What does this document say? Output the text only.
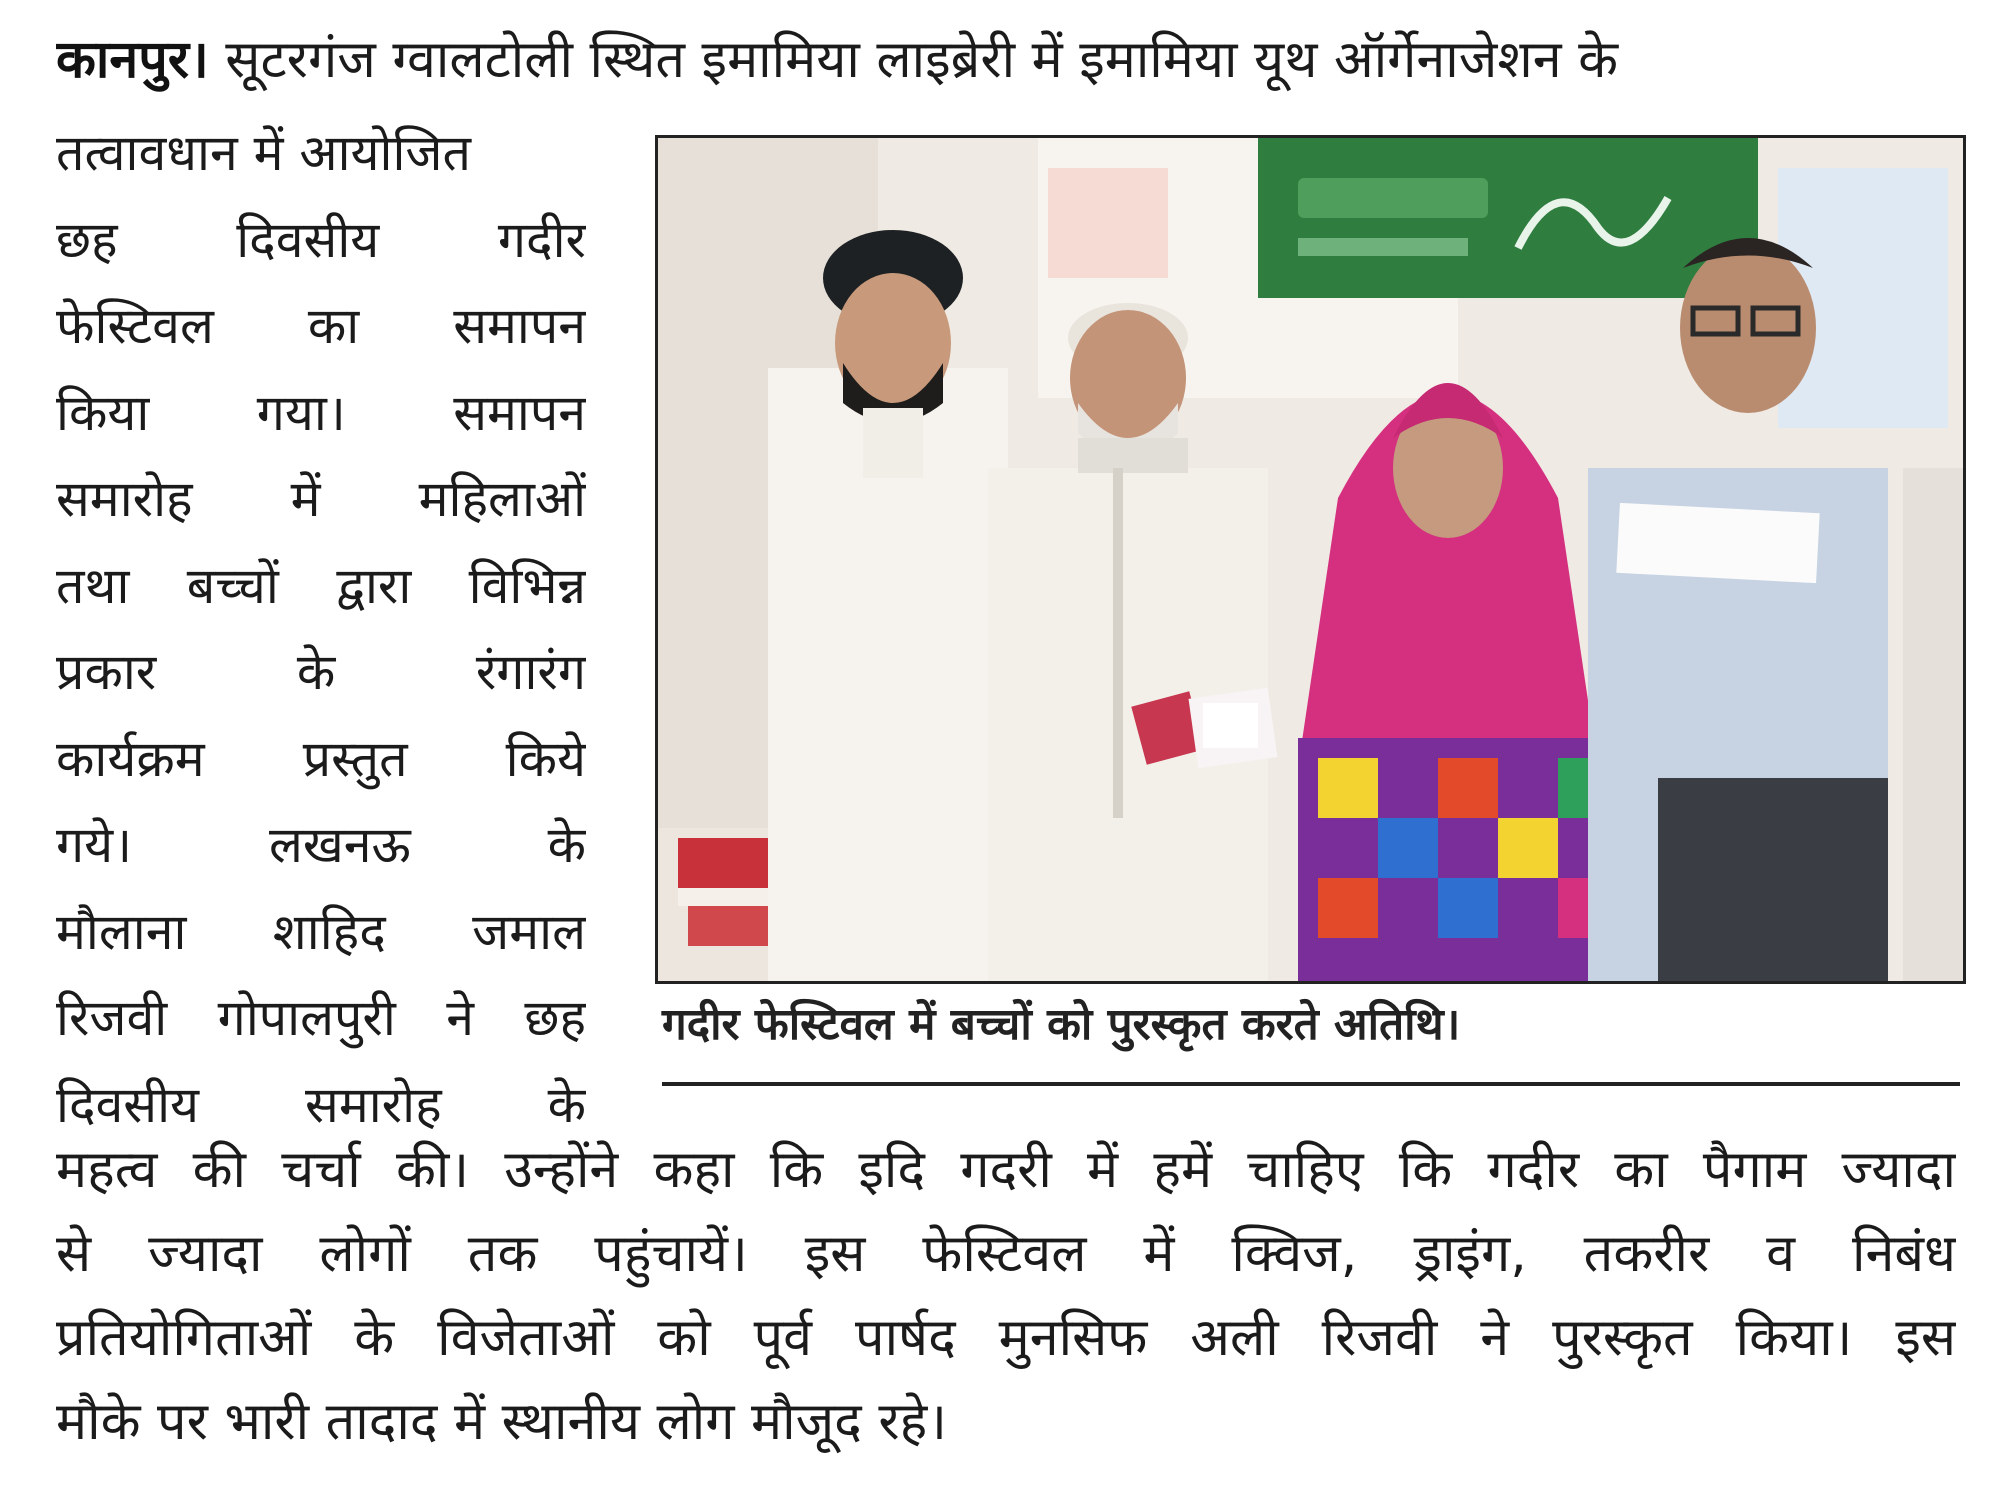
कानपुर। सूटरगंज ग्वालटोली स्थित इमामिया लाइब्रेरी में इमामिया यूथ ऑर्गेनाजेशन के
तत्वावधान में आयोजित
छह दिवसीय गदीर
फेस्टिवल का समापन
किया गया। समापन
समारोह में महिलाओं
तथा बच्चों द्वारा विभिन्न
प्रकार के रंगारंग
कार्यक्रम प्रस्तुत किये
गये। लखनऊ के
मौलाना शाहिद जमाल
रिजवी गोपालपुरी ने छह
दिवसीय समारोह के
गदीर फेस्टिवल में बच्चों को पुरस्कृत करते अतिथि।
महत्व की चर्चा की। उन्होंने कहा कि इदि गदरी में हमें चाहिए कि गदीर का पैगाम ज्यादा
से ज्यादा लोगों तक पहुंचायें। इस फेस्टिवल में क्विज, ड्राइंग, तकरीर व निबंध
प्रतियोगिताओं के विजेताओं को पूर्व पार्षद मुनसिफ अली रिजवी ने पुरस्कृत किया। इस
मौके पर भारी तादाद में स्थानीय लोग मौजूद रहे।
